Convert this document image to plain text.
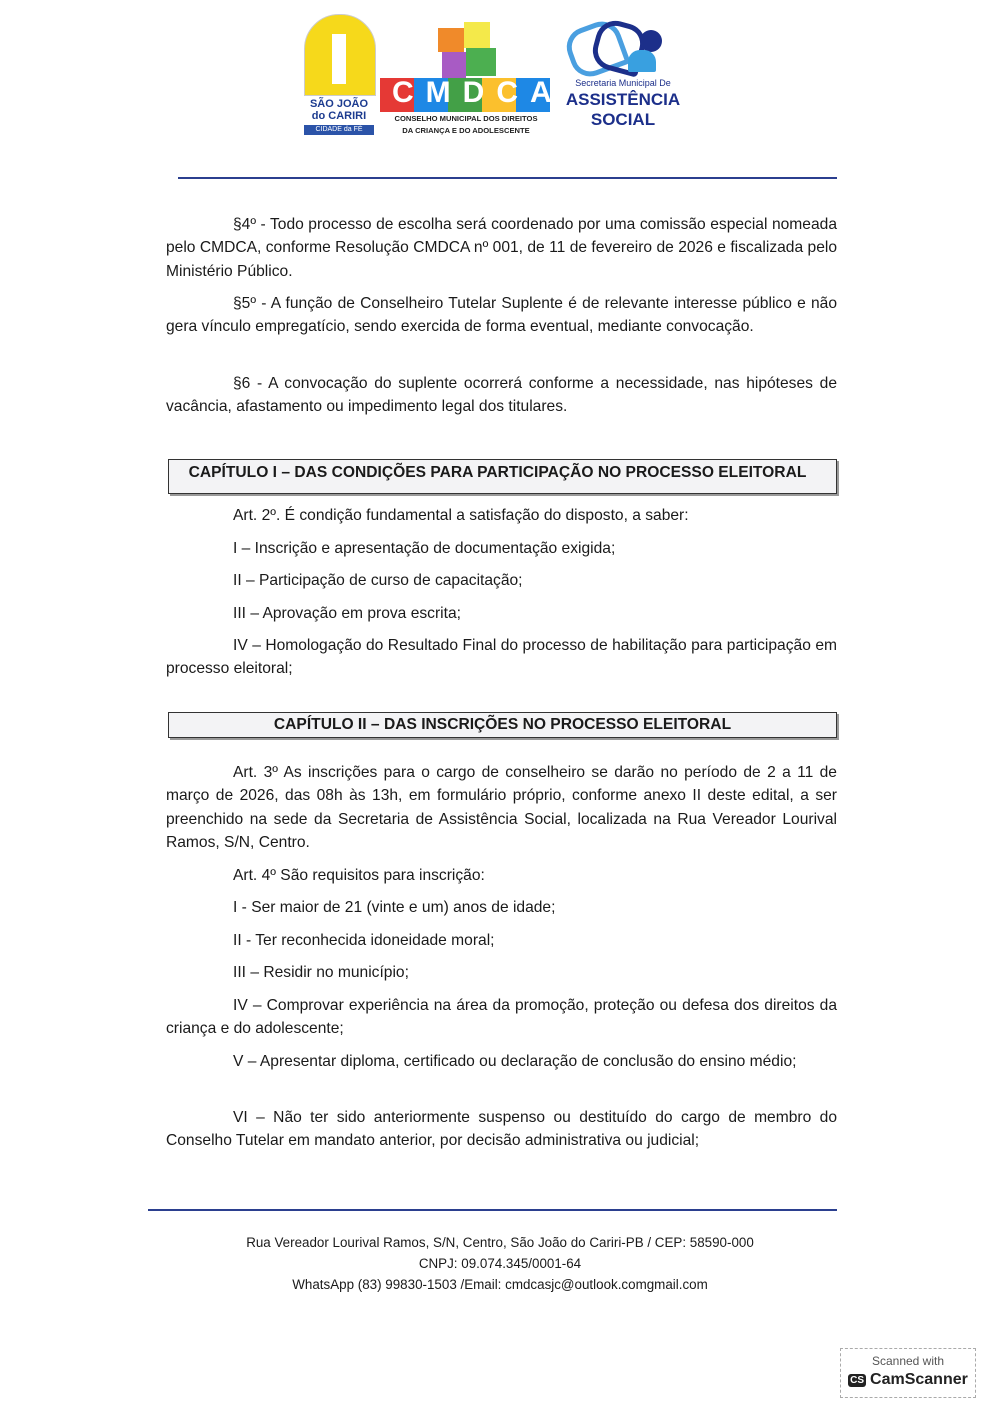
SÃO JOÃO
do CARIRI
CIDADE da FÉ
CMDCA
CONSELHO MUNICIPAL DOS DIREITOS
DA CRIANÇA E DO ADOLESCENTE
Secretaria Municipal De
ASSISTÊNCIA
SOCIAL

§4º - Todo processo de escolha será coordenado por uma comissão especial nomeada pelo CMDCA, conforme Resolução CMDCA nº 001, de 11 de fevereiro de 2026 e fiscalizada pelo Ministério Público.

§5º - A função de Conselheiro Tutelar Suplente é de relevante interesse público e não gera vínculo empregatício, sendo exercida de forma eventual, mediante convocação.

§6 - A convocação do suplente ocorrerá conforme a necessidade, nas hipóteses de vacância, afastamento ou impedimento legal dos titulares.

CAPÍTULO I – DAS CONDIÇÕES PARA PARTICIPAÇÃO NO PROCESSO ELEITORAL

Art. 2º. É condição fundamental a satisfação do disposto, a saber:

I – Inscrição e apresentação de documentação exigida;

II – Participação de curso de capacitação;

III – Aprovação em prova escrita;

IV – Homologação do Resultado Final do processo de habilitação para participação em processo eleitoral;

CAPÍTULO II – DAS INSCRIÇÕES NO PROCESSO ELEITORAL

Art. 3º As inscrições para o cargo de conselheiro se darão no período de 2 a 11 de março de 2026, das 08h às 13h, em formulário próprio, conforme anexo II deste edital, a ser preenchido na sede da Secretaria de Assistência Social, localizada na Rua Vereador Lourival Ramos, S/N, Centro.

Art. 4º São requisitos para inscrição:

I - Ser maior de 21 (vinte e um) anos de idade;

II - Ter reconhecida idoneidade moral;

III – Residir no município;

IV – Comprovar experiência na área da promoção, proteção ou defesa dos direitos da criança e do adolescente;

V – Apresentar diploma, certificado ou declaração de conclusão do ensino médio;

VI – Não ter sido anteriormente suspenso ou destituído do cargo de membro do Conselho Tutelar em mandato anterior, por decisão administrativa ou judicial;

Rua Vereador Lourival Ramos, S/N, Centro, São João do Cariri-PB / CEP: 58590-000
CNPJ: 09.074.345/0001-64
WhatsApp (83) 99830-1503 /Email: cmdcasjc@outlook.comgmail.com
Scanned with
CS CamScanner
